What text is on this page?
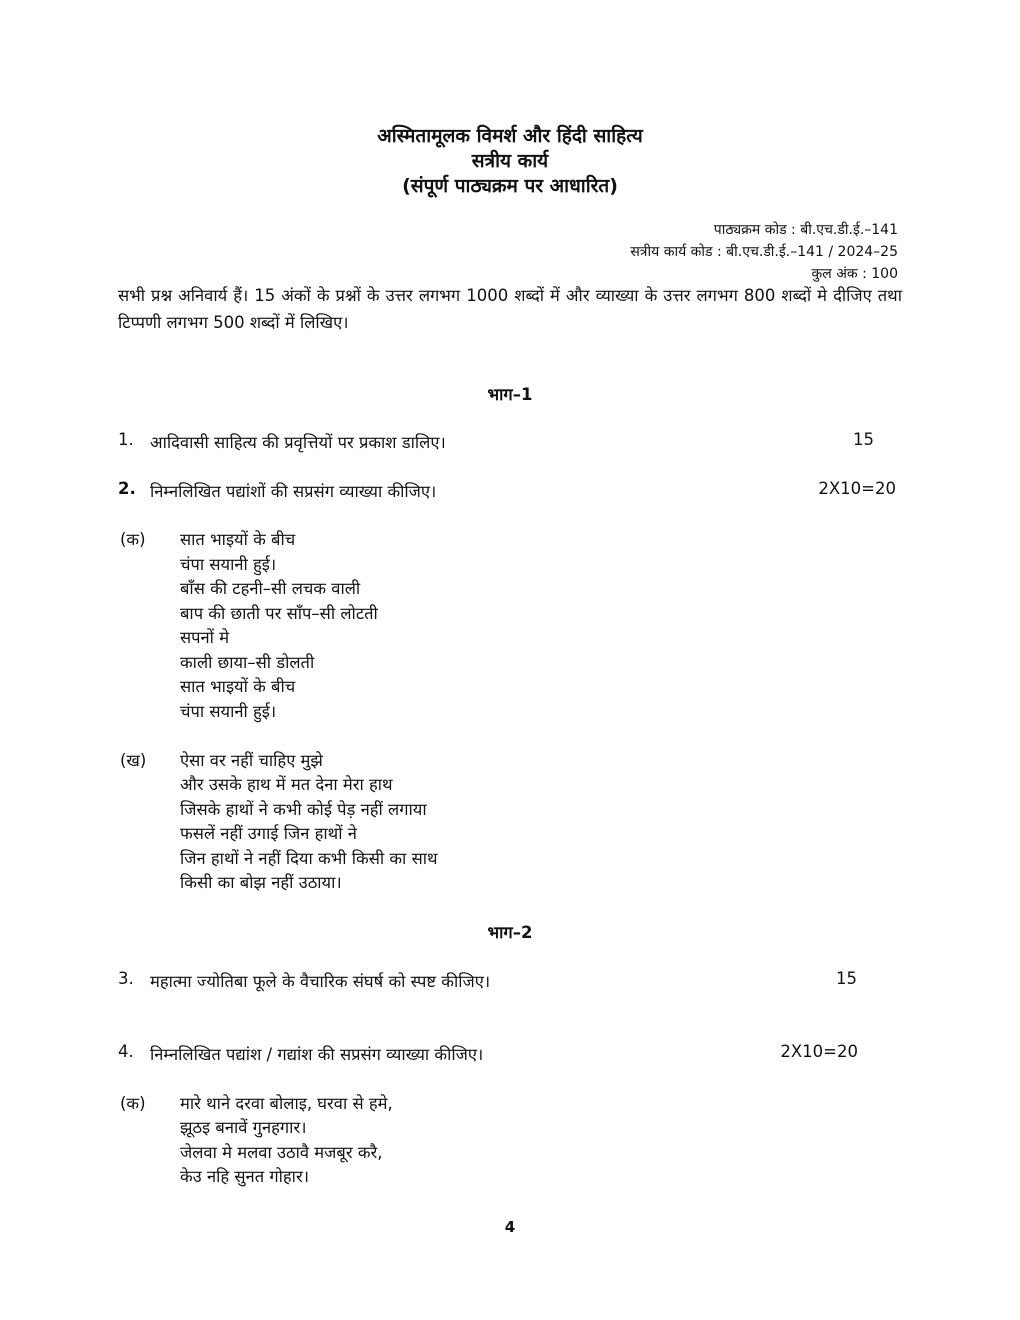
अस्मितामूलक विमर्श और हिंदी साहित्य
सत्रीय कार्य
(संपूर्ण पाठ्यक्रम पर आधारित)
पाठ्यक्रम कोड : बी.एच.डी.ई.–141
सत्रीय कार्य कोड : बी.एच.डी.ई.–141 / 2024–25
कुल अंक : 100
सभी प्रश्न अनिवार्य हैं। 15 अंकों के प्रश्नों के उत्तर लगभग 1000 शब्दों में और व्याख्या के उत्तर लगभग 800 शब्दों मे दीजिए तथा टिप्पणी लगभग 500 शब्दों में लिखिए।
भाग–1
1. आदिवासी साहित्य की प्रवृत्तियों पर प्रकाश डालिए।	15
2. निम्नलिखित पद्यांशों की सप्रसंग व्याख्या कीजिए।	2X10=20
(क) सात भाइयों के बीच
चंपा सयानी हुई।
बाँस की टहनी–सी लचक वाली
बाप की छाती पर साँप–सी लोटती
सपनों मे
काली छाया–सी डोलती
सात भाइयों के बीच
चंपा सयानी हुई।
(ख) ऐसा वर नहीं चाहिए मुझे
और उसके हाथ में मत देना मेरा हाथ
जिसके हाथों ने कभी कोई पेड़ नहीं लगाया
फसलें नहीं उगाई जिन हाथों ने
जिन हाथों ने नहीं दिया कभी किसी का साथ
किसी का बोझ नहीं उठाया।
भाग–2
3. महात्मा ज्योतिबा फूले के वैचारिक संघर्ष को स्पष्ट कीजिए।	15
4. निम्नलिखित पद्यांश / गद्यांश की सप्रसंग व्याख्या कीजिए।	2X10=20
(क) मारे थाने दरवा बोलाइ, घरवा से हमे,
झूठइ बनावें गुनहगार।
जेलवा मे मलवा उठावै मजबूर करै,
केउ नहि सुनत गोहार।
4
